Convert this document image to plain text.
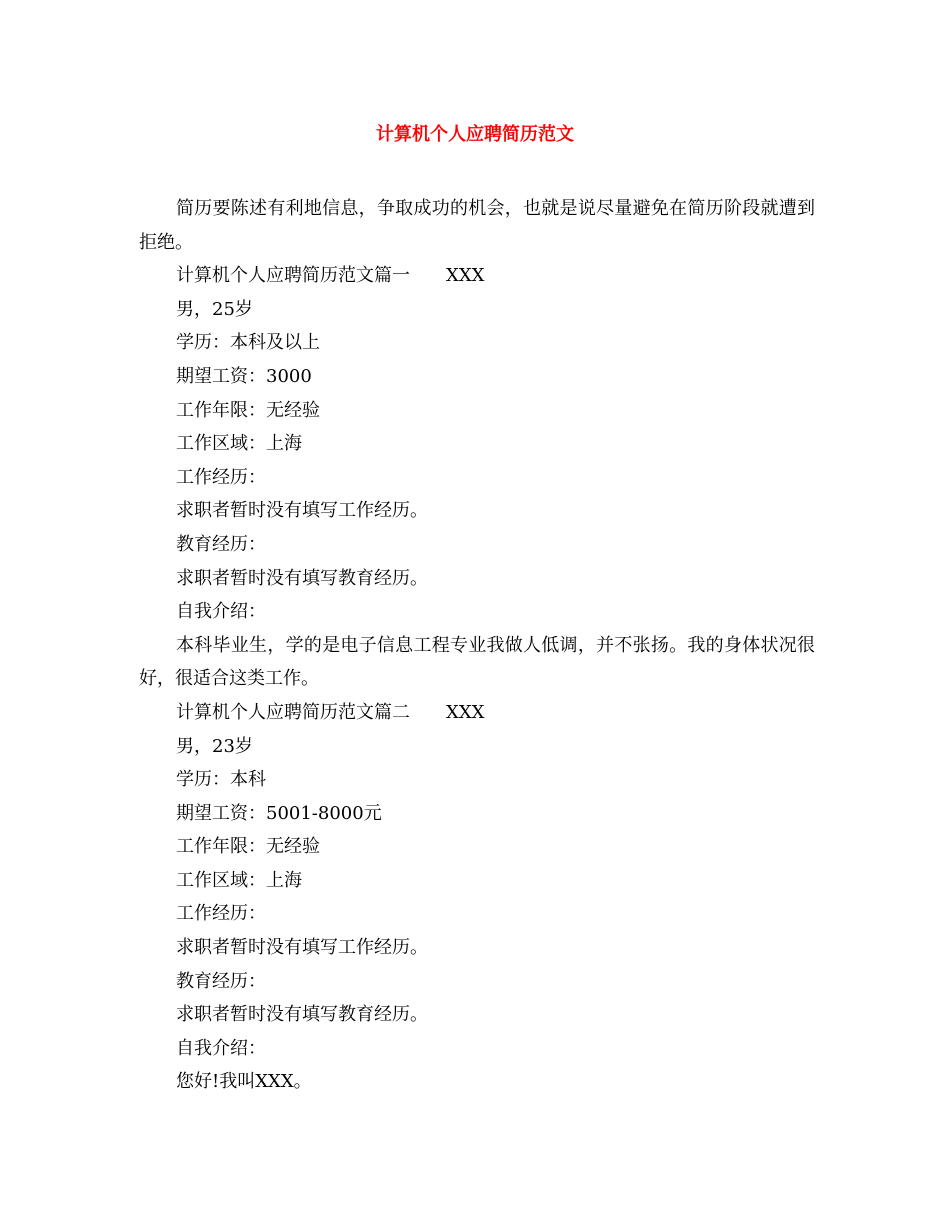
计算机个人应聘简历范文

简历要陈述有利地信息，争取成功的机会，也就是说尽量避免在简历阶段就遭到拒绝。

计算机个人应聘简历范文篇一　　XXX

男，25岁

学历：本科及以上

期望工资：3000

工作年限：无经验

工作区域：上海

工作经历：

求职者暂时没有填写工作经历。

教育经历：

求职者暂时没有填写教育经历。

自我介绍：

本科毕业生，学的是电子信息工程专业我做人低调，并不张扬。我的身体状况很好，很适合这类工作。

计算机个人应聘简历范文篇二　　XXX

男，23岁

学历：本科

期望工资：5001-8000元

工作年限：无经验

工作区域：上海

工作经历：

求职者暂时没有填写工作经历。

教育经历：

求职者暂时没有填写教育经历。

自我介绍：

您好!我叫XXX。
